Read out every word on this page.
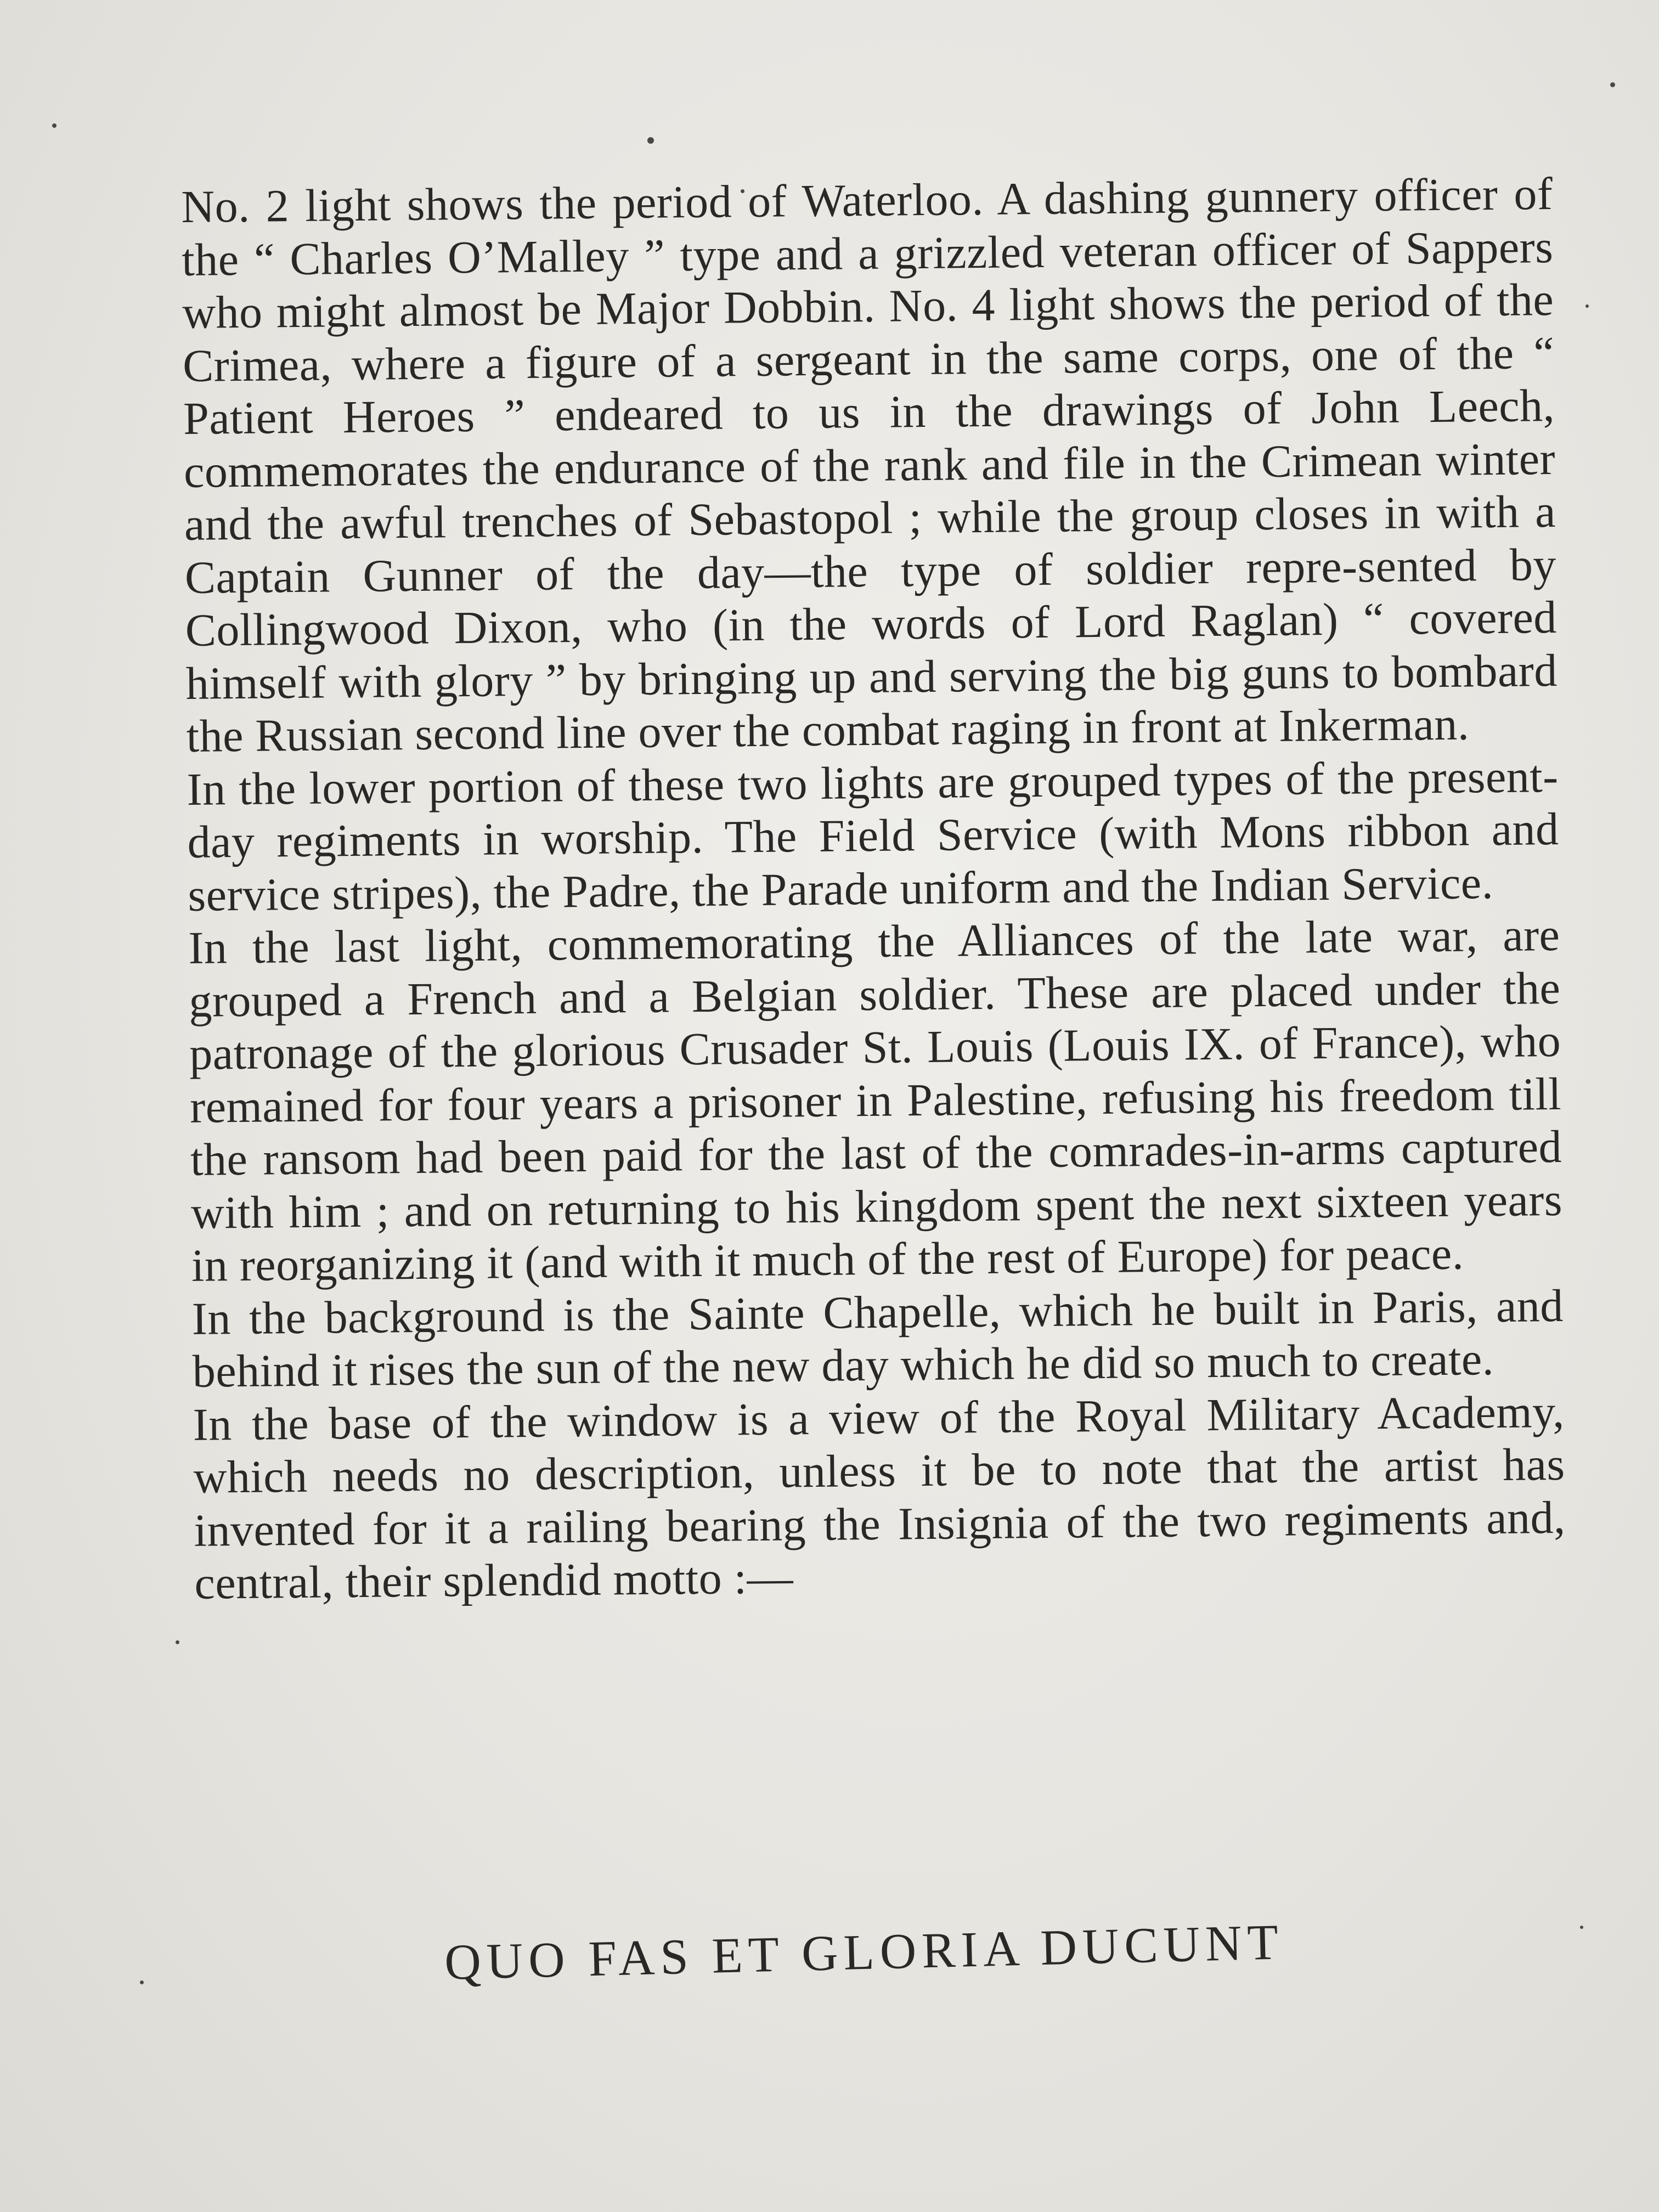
No. 2 light shows the period of Waterloo. A dashing gunnery officer of the “ Charles O’Malley ” type and a grizzled veteran officer of Sappers who might almost be Major Dobbin. No. 4 light shows the period of the Crimea, where a figure of a sergeant in the same corps, one of the “ Patient Heroes ” endeared to us in the drawings of John Leech, commemorates the endurance of the rank and file in the Crimean winter and the awful trenches of Sebastopol ; while the group closes in with a Captain Gunner of the day—the type of soldier repre-sented by Collingwood Dixon, who (in the words of Lord Raglan) “ covered himself with glory ” by bringing up and serving the big guns to bombard the Russian second line over the combat raging in front at Inkerman.

In the lower portion of these two lights are grouped types of the present-day regiments in worship. The Field Service (with Mons ribbon and service stripes), the Padre, the Parade uniform and the Indian Service.

In the last light, commemorating the Alliances of the late war, are grouped a French and a Belgian soldier. These are placed under the patronage of the glorious Crusader St. Louis (Louis IX. of France), who remained for four years a prisoner in Palestine, refusing his freedom till the ransom had been paid for the last of the comrades-in-arms captured with him ; and on returning to his kingdom spent the next sixteen years in reorganizing it (and with it much of the rest of Europe) for peace.

In the background is the Sainte Chapelle, which he built in Paris, and behind it rises the sun of the new day which he did so much to create.

In the base of the window is a view of the Royal Military Academy, which needs no description, unless it be to note that the artist has invented for it a railing bearing the Insignia of the two regiments and, central, their splendid motto :—

QUO FAS ET GLORIA DUCUNT
